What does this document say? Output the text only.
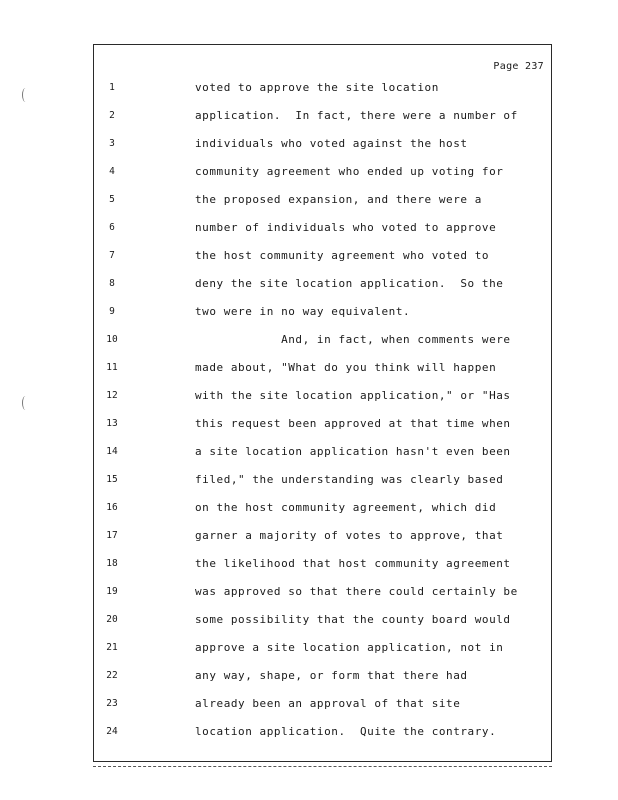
Page 237
1	voted to approve the site location
2	application.  In fact, there were a number of
3	individuals who voted against the host
4	community agreement who ended up voting for
5	the proposed expansion, and there were a
6	number of individuals who voted to approve
7	the host community agreement who voted to
8	deny the site location application.  So the
9	two were in no way equivalent.
10	And, in fact, when comments were
11	made about, "What do you think will happen
12	with the site location application," or "Has
13	this request been approved at that time when
14	a site location application hasn't even been
15	filed," the understanding was clearly based
16	on the host community agreement, which did
17	garner a majority of votes to approve, that
18	the likelihood that host community agreement
19	was approved so that there could certainly be
20	some possibility that the county board would
21	approve a site location application, not in
22	any way, shape, or form that there had
23	already been an approval of that site
24	location application.  Quite the contrary.
